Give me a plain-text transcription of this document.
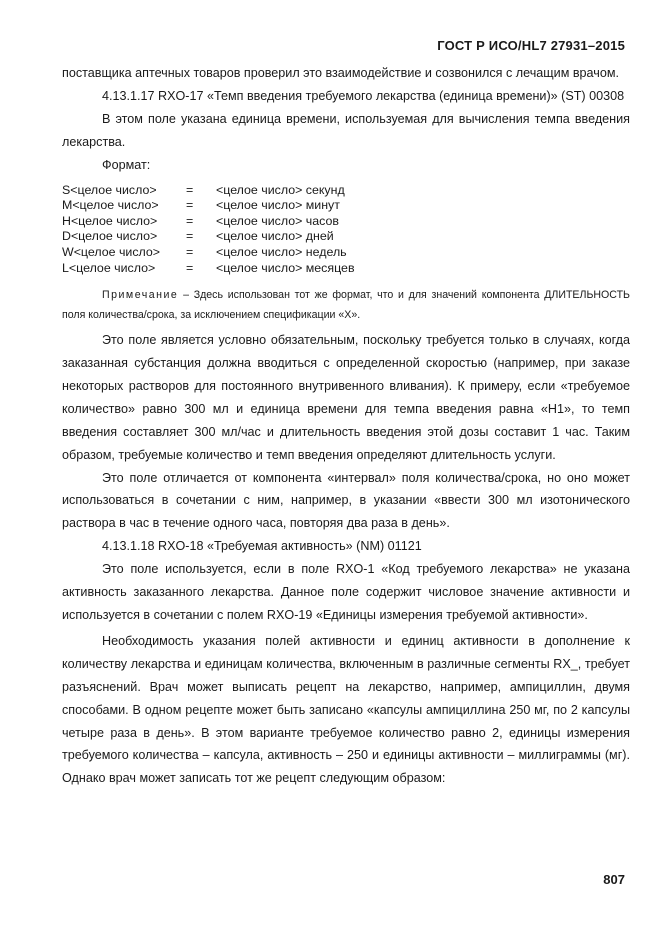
ГОСТ Р ИСО/HL7 27931–2015

поставщика аптечных товаров проверил это взаимодействие и созвонился с лечащим врачом.

4.13.1.17 RXO-17 «Темп введения требуемого лекарства (единица времени)» (ST) 00308

В этом поле указана единица времени, используемая для вычисления темпа введения лекарства.

Формат:

S<целое число>	=	<целое число> секунд
M<целое число>	=	<целое число> минут
H<целое число>	=	<целое число> часов
D<целое число>	=	<целое число> дней
W<целое число>	=	<целое число> недель
L<целое число>	=	<целое число> месяцев

Примечание – Здесь использован тот же формат, что и для значений компонента ДЛИТЕЛЬНОСТЬ поля количества/срока, за исключением спецификации «X».

Это поле является условно обязательным, поскольку требуется только в случаях, когда заказанная субстанция должна вводиться с определенной скоростью (например, при заказе некоторых растворов для постоянного внутривенного вливания). К примеру, если «требуемое количество» равно 300 мл и единица времени для темпа введения равна «H1», то темп введения составляет 300 мл/час и длительность введения этой дозы составит 1 час. Таким образом, требуемые количество и темп введения определяют длительность услуги.

Это поле отличается от компонента «интервал» поля количества/срока, но оно может использоваться в сочетании с ним, например, в указании «ввести 300 мл изотонического раствора в час в течение одного часа, повторяя два раза в день».

4.13.1.18 RXO-18 «Требуемая активность» (NM) 01121

Это поле используется, если в поле RXO-1 «Код требуемого лекарства» не указана активность заказанного лекарства. Данное поле содержит числовое значение активности и используется в сочетании с полем RXO-19 «Единицы измерения требуемой активности».

Необходимость указания полей активности и единиц активности в дополнение к количеству лекарства и единицам количества, включенным в различные сегменты RX_, требует разъяснений. Врач может выписать рецепт на лекарство, например, ампициллин, двумя способами. В одном рецепте может быть записано «капсулы ампициллина 250 мг, по 2 капсулы четыре раза в день». В этом варианте требуемое количество равно 2, единицы измерения требуемого количества – капсула, активность – 250 и единицы активности – миллиграммы (мг). Однако врач может записать тот же рецепт следующим образом:

807
